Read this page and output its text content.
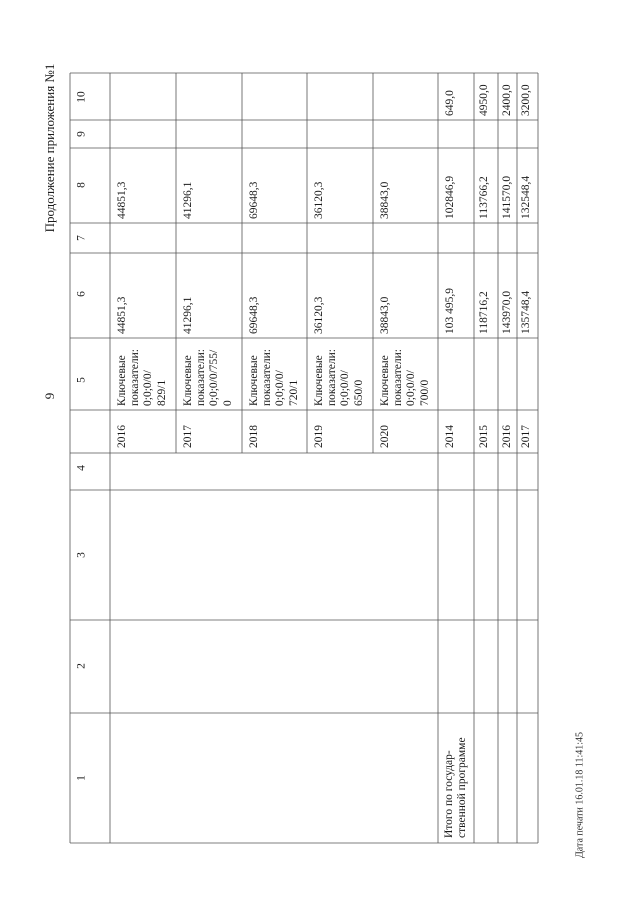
9
Продолжение приложения №1
Дата печати 16.01.18 11:41:45
1
2
3
4
5
6
7
8
9
10
2016
Ключевые
показатели:
0;0;0/0/
829/1
44851,3
44851,3
2017
Ключевые
показатели:
0;0;0/0/755/
0
41296,1
41296,1
2018
Ключевые
показатели:
0;0;0/0/
720/1
69648,3
69648,3
2019
Ключевые
показатели:
0;0;0/0/
650/0
36120,3
36120,3
2020
Ключевые
показатели:
0;0;0/0/
700/0
38843,0
38843,0
Итого по государ-
ственной программе
2014
103 495,9
102846,9
649,0
2015
118716,2
113766,2
4950,0
2016
143970,0
141570,0
2400,0
2017
135748,4
132548,4
3200,0
